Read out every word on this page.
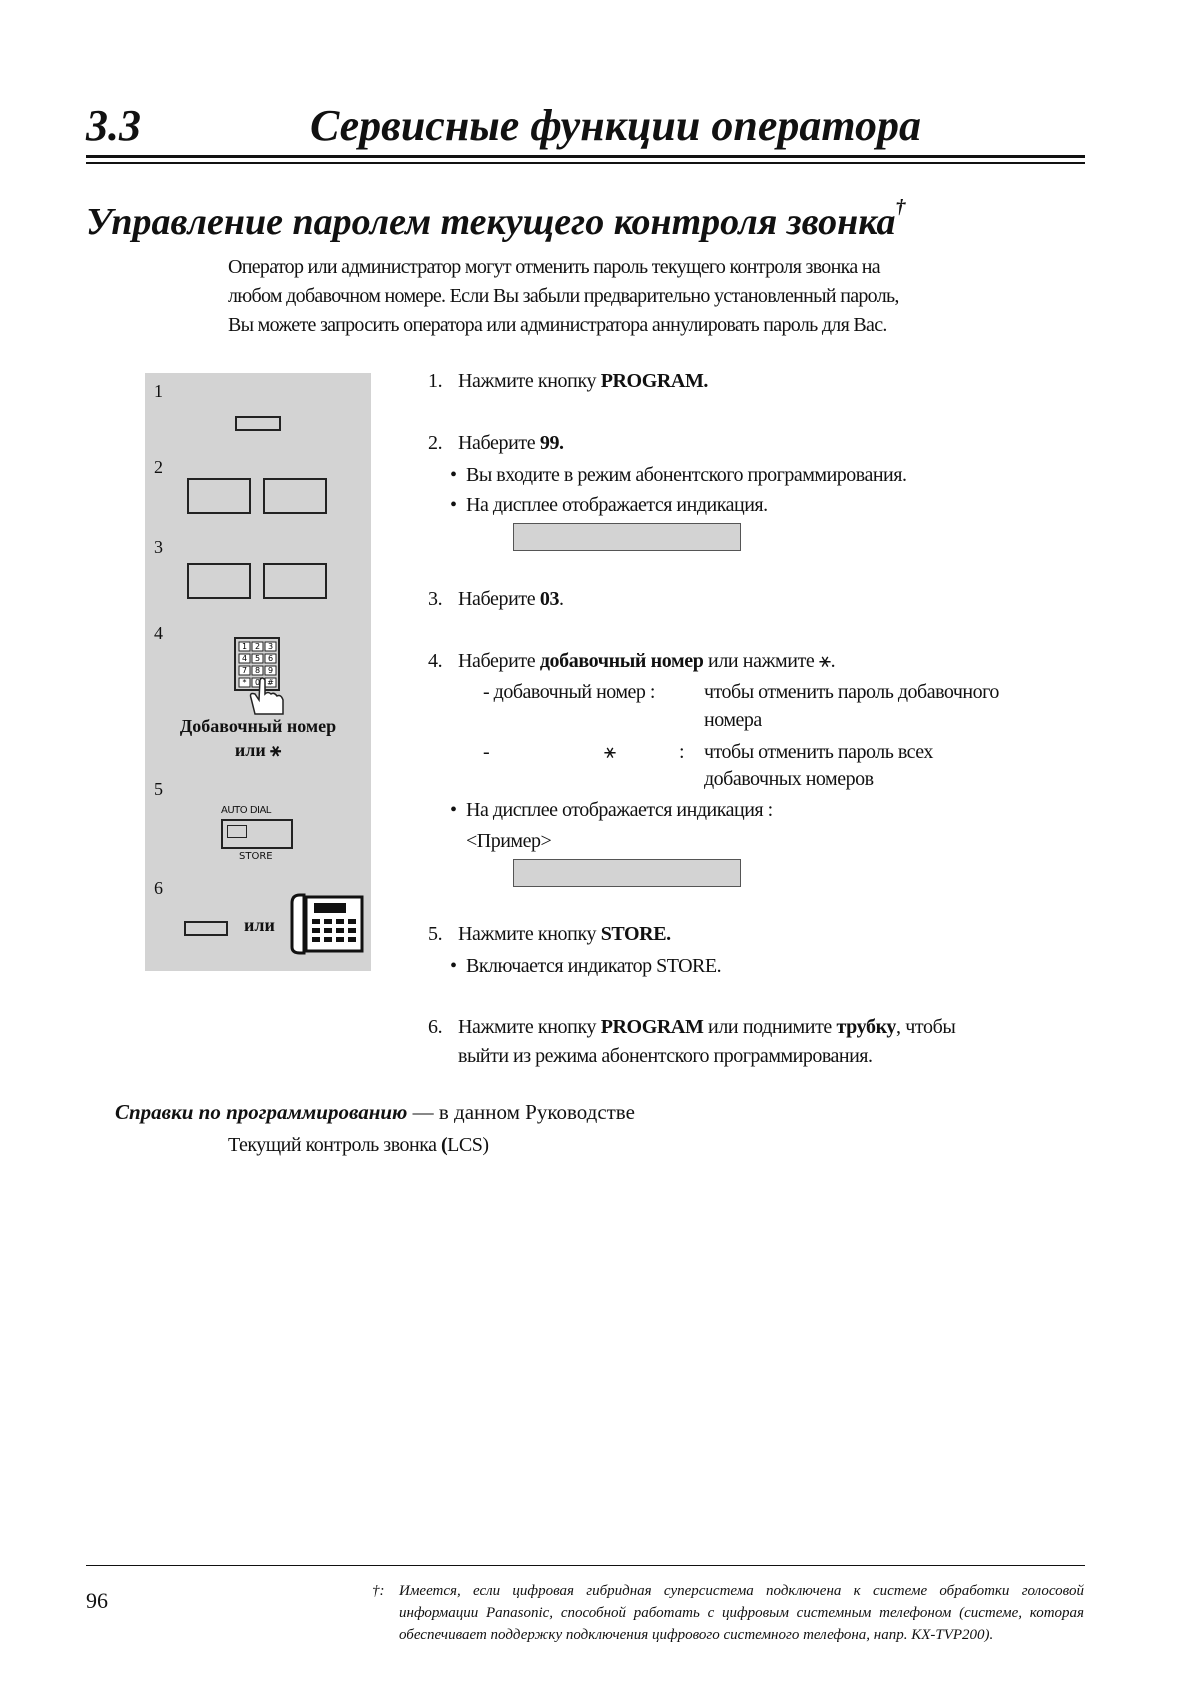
3.3	Сервисные функции оператора
Управление паролем текущего контроля звонка†
Оператор или администратор могут отменить пароль текущего контроля звонка на
любом добавочном номере. Если Вы забыли предварительно установленный пароль,
Вы можете запросить оператора или администратора аннулировать пароль для Вас.
1
2
3
4
1 2 3
4 5 6
7 8 9
* 0 #
Добавочный номер
или ⚹
5
AUTO DIAL
STORE
6
или
1. Нажмите кнопку PROGRAM.
2. Наберите 99.
• Вы входите в режим абонентского программирования.
• На дисплее отображается индикация.
3. Наберите 03.
4. Наберите добавочный номер или нажмите ⚹.
- добавочный номер : чтобы отменить пароль добавочного
номера
-	⚹	: чтобы отменить пароль всех
добавочных номеров
• На дисплее отображается индикация :
<Пример>
5. Нажмите кнопку STORE.
• Включается индикатор STORE.
6. Нажмите кнопку PROGRAM или поднимите трубку, чтобы
выйти из режима абонентского программирования.
Справки по программированию — в данном Руководстве
Текущий контроль звонка (LCS)
96	†: Имеется, если цифровая гибридная суперсистема подключена к системе обработки голосовой информации Panasonic, способной работать с цифровым системным телефоном (системе, которая обеспечивает поддержку подключения цифрового системного телефона, напр. KX-TVP200).
